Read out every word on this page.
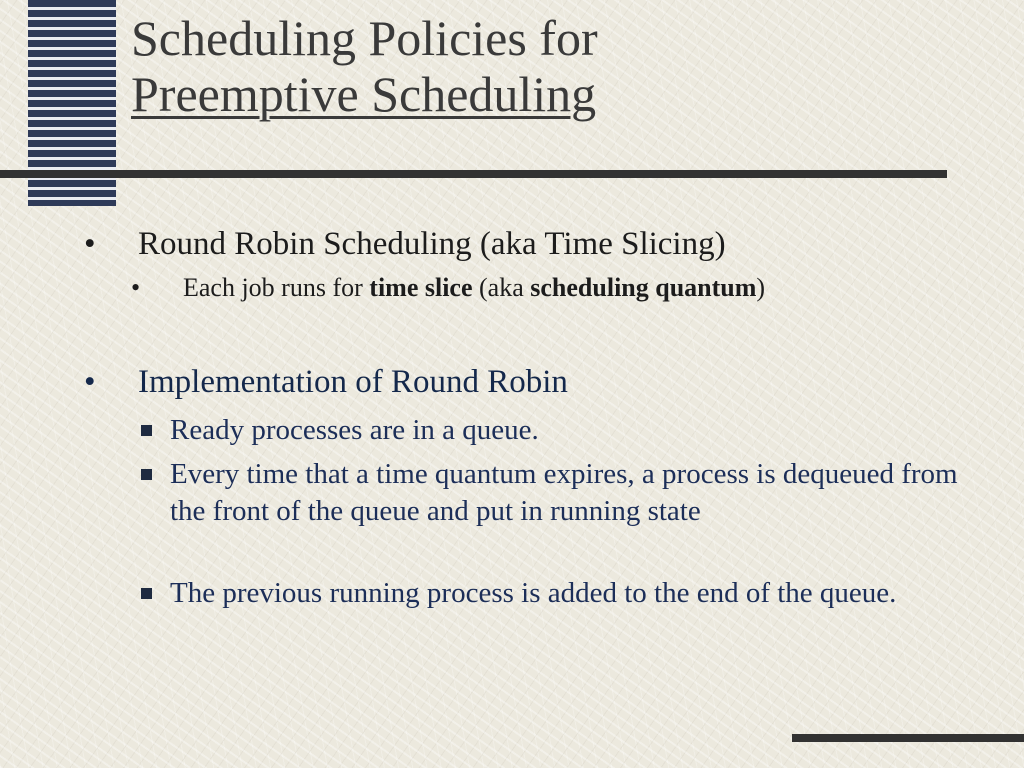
Scheduling Policies for
Preemptive Scheduling
•	Round Robin Scheduling (aka Time Slicing)
• Each job runs for time slice (aka scheduling quantum)
•	Implementation of Round Robin
Ready processes are in a queue.
Every time that a time quantum expires, a process is dequeued from the front of the queue and put in running state
The previous running process is added to the end of the queue.
